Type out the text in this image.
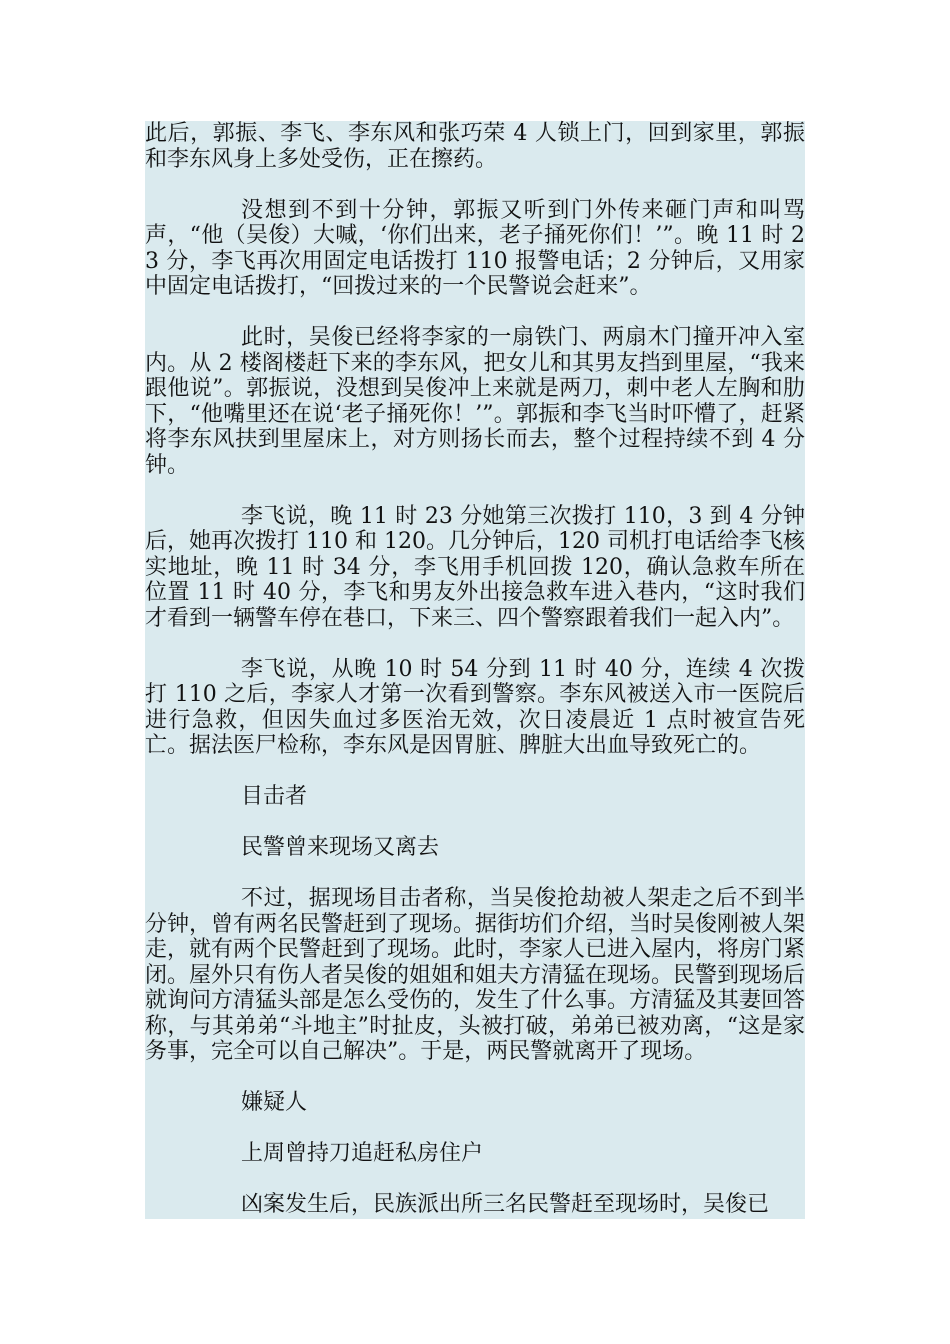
此后，郭振、李飞、李东风和张巧荣 4 人锁上门，回到家里，郭振和李东风身上多处受伤，正在擦药。

没想到不到十分钟，郭振又听到门外传来砸门声和叫骂声，“他（吴俊）大喊，‘你们出来，老子捅死你们！’”。晚 11 时 23 分，李飞再次用固定电话拨打 110 报警电话；2 分钟后，又用家中固定电话拨打，“回拨过来的一个民警说会赶来”。

此时，吴俊已经将李家的一扇铁门、两扇木门撞开冲入室内。从 2 楼阁楼赶下来的李东风，把女儿和其男友挡到里屋，“我来跟他说”。郭振说，没想到吴俊冲上来就是两刀，刺中老人左胸和肋下，“他嘴里还在说‘老子捅死你！’”。郭振和李飞当时吓懵了，赶紧将李东风扶到里屋床上，对方则扬长而去，整个过程持续不到 4 分钟。

李飞说，晚 11 时 23 分她第三次拨打 110，3 到 4 分钟后，她再次拨打 110 和 120。几分钟后，120 司机打电话给李飞核实地址，晚 11 时 34 分，李飞用手机回拨 120，确认急救车所在位置 11 时 40 分，李飞和男友外出接急救车进入巷内，“这时我们才看到一辆警车停在巷口，下来三、四个警察跟着我们一起入内”。

李飞说，从晚 10 时 54 分到 11 时 40 分，连续 4 次拨打 110 之后，李家人才第一次看到警察。李东风被送入市一医院后进行急救，但因失血过多医治无效，次日凌晨近 1 点时被宣告死亡。据法医尸检称，李东风是因胃脏、脾脏大出血导致死亡的。

目击者

民警曾来现场又离去

不过，据现场目击者称，当吴俊抢劫被人架走之后不到半分钟，曾有两名民警赶到了现场。据街坊们介绍，当时吴俊刚被人架走，就有两个民警赶到了现场。此时，李家人已进入屋内，将房门紧闭。屋外只有伤人者吴俊的姐姐和姐夫方清猛在现场。民警到现场后就询问方清猛头部是怎么受伤的，发生了什么事。方清猛及其妻回答称，与其弟弟“斗地主”时扯皮，头被打破，弟弟已被劝离，“这是家务事，完全可以自己解决”。于是，两民警就离开了现场。

嫌疑人

上周曾持刀追赶私房住户

凶案发生后，民族派出所三名民警赶至现场时，吴俊已
